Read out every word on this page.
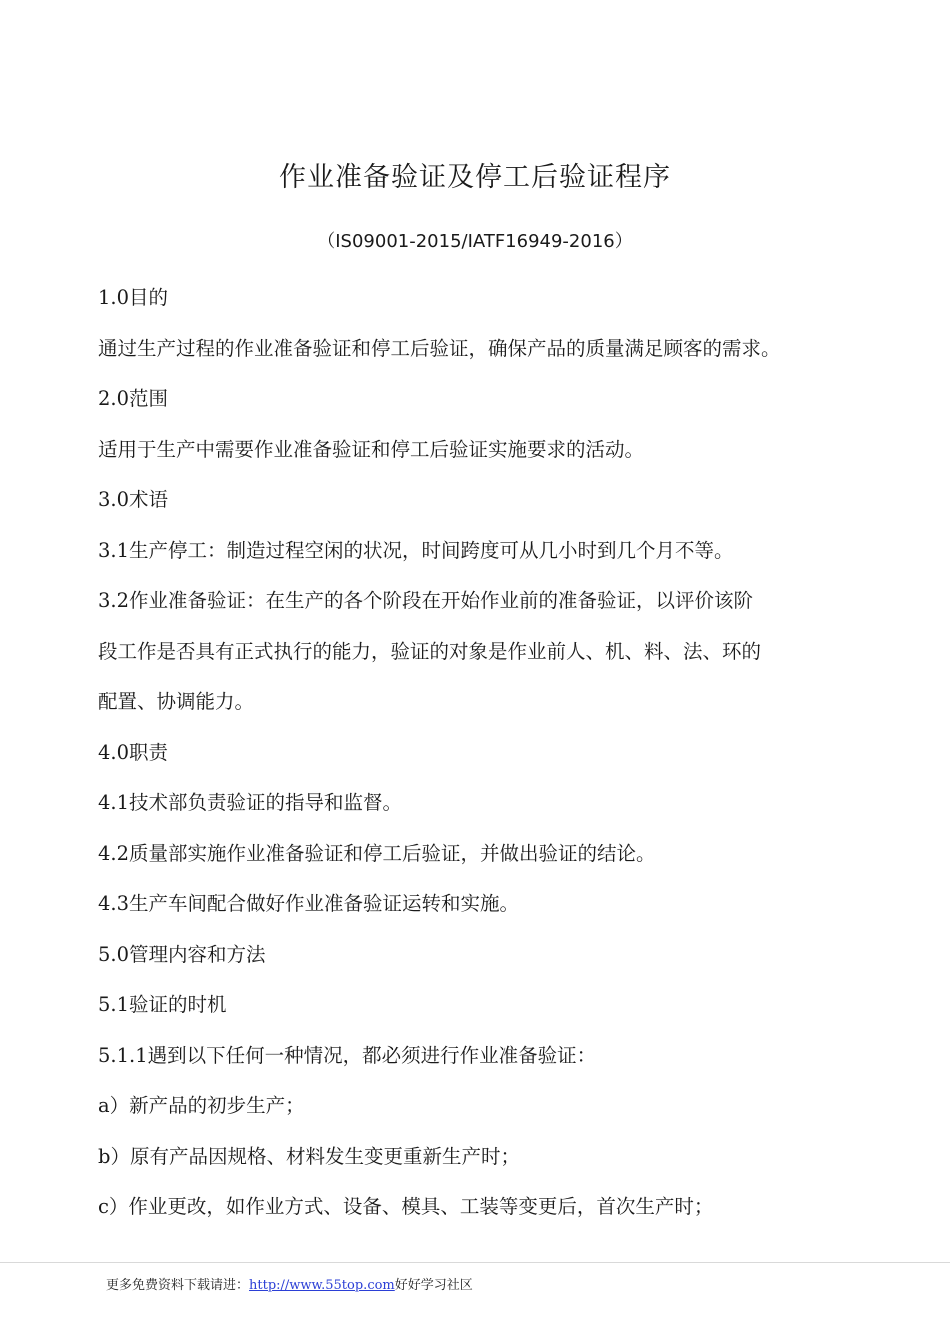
作业准备验证及停工后验证程序
（IS09001-2015/IATF16949-2016）
1.0目的
通过生产过程的作业准备验证和停工后验证，确保产品的质量满足顾客的需求。
2.0范围
适用于生产中需要作业准备验证和停工后验证实施要求的活动。
3.0术语
3.1生产停工：制造过程空闲的状况，时间跨度可从几小时到几个月不等。
3.2作业准备验证：在生产的各个阶段在开始作业前的准备验证，以评价该阶
段工作是否具有正式执行的能力，验证的对象是作业前人、机、料、法、环的
配置、协调能力。
4.0职责
4.1技术部负责验证的指导和监督。
4.2质量部实施作业准备验证和停工后验证，并做出验证的结论。
4.3生产车间配合做好作业准备验证运转和实施。
5.0管理内容和方法
5.1验证的时机
5.1.1遇到以下任何一种情况，都必须进行作业准备验证：
a）新产品的初步生产；
b）原有产品因规格、材料发生变更重新生产时；
c）作业更改，如作业方式、设备、模具、工装等变更后，首次生产时；
更多免费资料下载请进：http://www.55top.com好好学习社区
